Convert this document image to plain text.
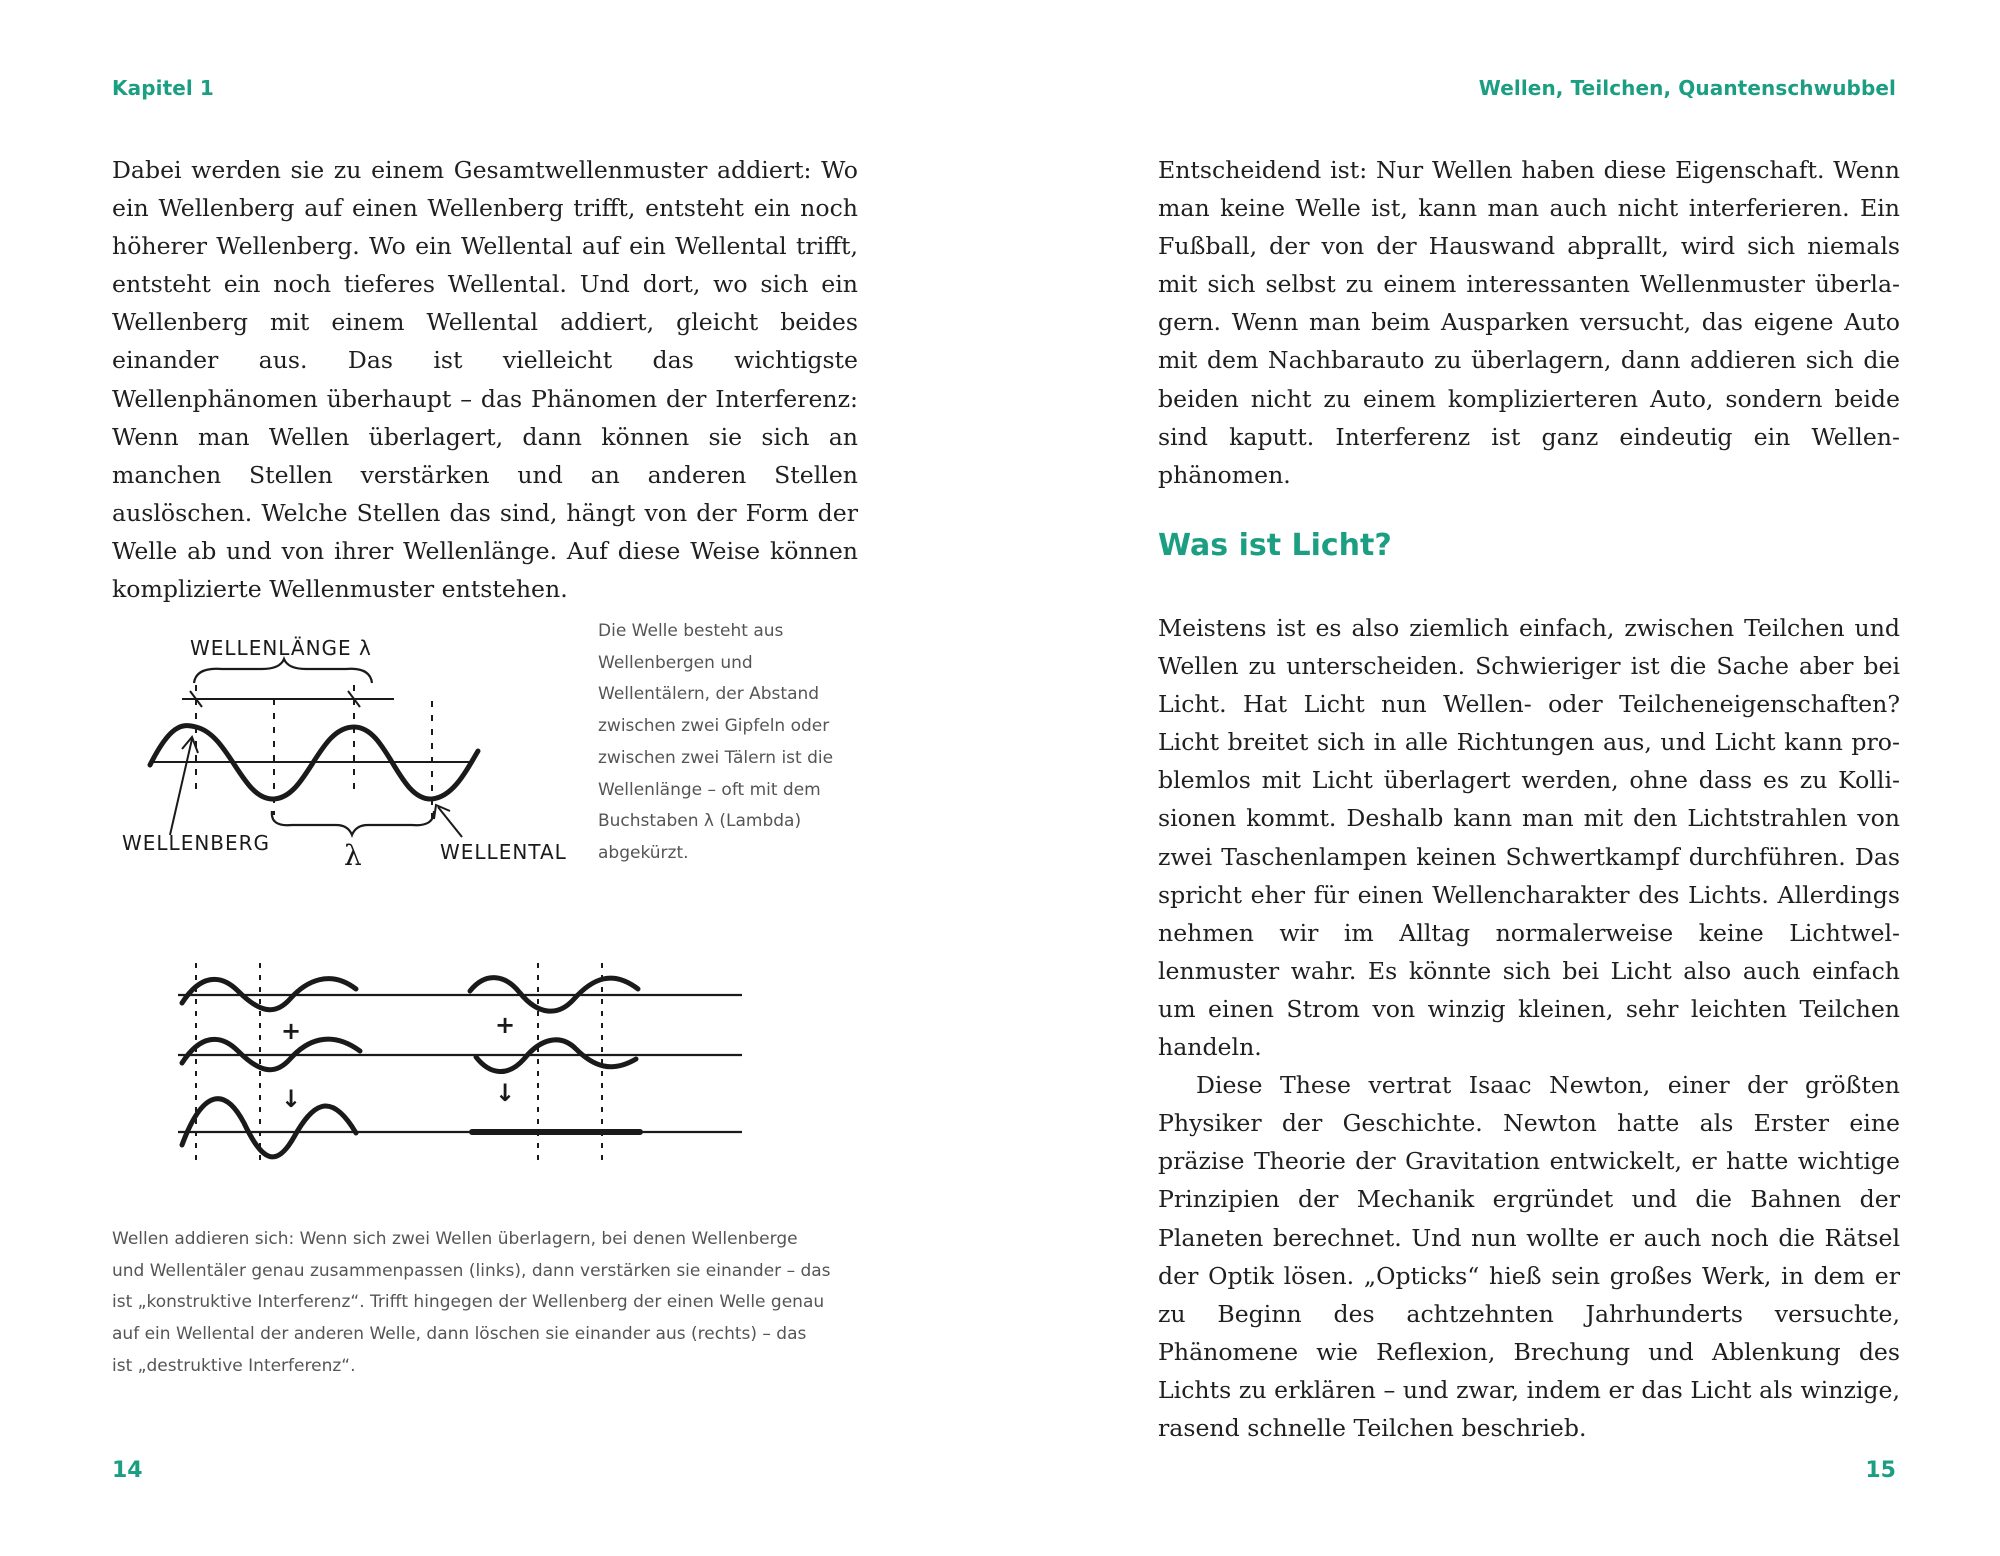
Kapitel 1

Dabei werden sie zu einem Gesamtwellenmuster addiert: Wo ein Wellenberg auf einen Wellenberg trifft, entsteht ein noch höherer Wellenberg. Wo ein Wellental auf ein Wellental trifft, entsteht ein noch tieferes Wellental. Und dort, wo sich ein Wellenberg mit einem Wellental addiert, gleicht beides einander aus. Das ist vielleicht das wichtigste Wellenphänomen überhaupt – das Phänomen der Interferenz: Wenn man Wellen überlagert, dann können sie sich an manchen Stellen verstärken und an anderen Stellen auslöschen. Welche Stellen das sind, hängt von der Form der Welle ab und von ihrer Wellenlänge. Auf diese Weise können komplizierte Wellenmuster entstehen.

WELLENLÄNGE λ
λ
WELLENBERG	WELLENTAL

Die Welle besteht aus Wellenbergen und Wellentälern, der Abstand zwischen zwei Gipfeln oder zwischen zwei Tälern ist die Wellenlänge – oft mit dem Buchstaben λ (Lambda) abgekürzt.

+	+
↓	↓

Wellen addieren sich: Wenn sich zwei Wellen überlagern, bei denen Wellenberge und Wellentäler genau zusammenpassen (links), dann verstärken sie einander – das ist „konstruktive Interferenz“. Trifft hingegen der Wellenberg der einen Welle genau auf ein Wellental der anderen Welle, dann löschen sie einander aus (rechts) – das ist „destruktive Interferenz“.

14
Wellen, Teilchen, Quantenschwubbel

Entscheidend ist: Nur Wellen haben diese Eigenschaft. Wenn man keine Welle ist, kann man auch nicht interferieren. Ein Fußball, der von der Hauswand abprallt, wird sich niemals mit sich selbst zu einem interessanten Wellenmuster überlagern. Wenn man beim Ausparken versucht, das eigene Auto mit dem Nachbarauto zu überlagern, dann addieren sich die beiden nicht zu einem komplizierteren Auto, sondern beide sind kaputt. Interferenz ist ganz eindeutig ein Wellenphänomen.

Was ist Licht?

Meistens ist es also ziemlich einfach, zwischen Teilchen und Wellen zu unterscheiden. Schwieriger ist die Sache aber bei Licht. Hat Licht nun Wellen- oder Teilcheneigenschaften? Licht breitet sich in alle Richtungen aus, und Licht kann problemlos mit Licht überlagert werden, ohne dass es zu Kollisionen kommt. Deshalb kann man mit den Lichtstrahlen von zwei Taschenlampen keinen Schwertkampf durchführen. Das spricht eher für einen Wellencharakter des Lichts. Allerdings nehmen wir im Alltag normalerweise keine Lichtwellenmuster wahr. Es könnte sich bei Licht also auch einfach um einen Strom von winzig kleinen, sehr leichten Teilchen handeln.

Diese These vertrat Isaac Newton, einer der größten Physiker der Geschichte. Newton hatte als Erster eine präzise Theorie der Gravitation entwickelt, er hatte wichtige Prinzipien der Mechanik ergründet und die Bahnen der Planeten berechnet. Und nun wollte er auch noch die Rätsel der Optik lösen. „Opticks“ hieß sein großes Werk, in dem er zu Beginn des achtzehnten Jahrhunderts versuchte, Phänomene wie Reflexion, Brechung und Ablenkung des Lichts zu erklären – und zwar, indem er das Licht als winzige, rasend schnelle Teilchen beschrieb.

15
